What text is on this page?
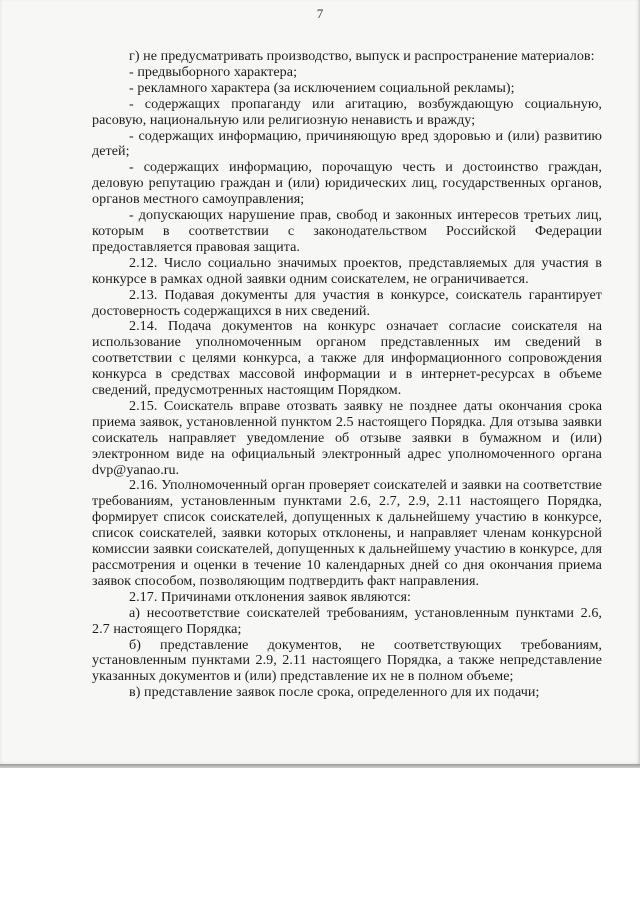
7

г) не предусматривать производство, выпуск и распространение материалов:

- предвыборного характера;

- рекламного характера (за исключением социальной рекламы);

- содержащих пропаганду или агитацию, возбуждающую социальную, расовую, национальную или религиозную ненависть и вражду;

- содержащих информацию, причиняющую вред здоровью и (или) развитию детей;

- содержащих информацию, порочащую честь и достоинство граждан, деловую репутацию граждан и (или) юридических лиц, государственных органов, органов местного самоуправления;

- допускающих нарушение прав, свобод и законных интересов третьих лиц, которым в соответствии с законодательством Российской Федерации предоставляется правовая защита.

2.12. Число социально значимых проектов, представляемых для участия в конкурсе в рамках одной заявки одним соискателем, не ограничивается.

2.13. Подавая документы для участия в конкурсе, соискатель гарантирует достоверность содержащихся в них сведений.

2.14. Подача документов на конкурс означает согласие соискателя на использование уполномоченным органом представленных им сведений в соответствии с целями конкурса, а также для информационного сопровождения конкурса в средствах массовой информации и в интернет-ресурсах в объеме сведений, предусмотренных настоящим Порядком.

2.15. Соискатель вправе отозвать заявку не позднее даты окончания срока приема заявок, установленной пунктом 2.5 настоящего Порядка. Для отзыва заявки соискатель направляет уведомление об отзыве заявки в бумажном и (или) электронном виде на официальный электронный адрес уполномоченного органа dvp@yanao.ru.

2.16. Уполномоченный орган проверяет соискателей и заявки на соответствие требованиям, установленным пунктами 2.6, 2.7, 2.9, 2.11 настоящего Порядка, формирует список соискателей, допущенных к дальнейшему участию в конкурсе, список соискателей, заявки которых отклонены, и направляет членам конкурсной комиссии заявки соискателей, допущенных к дальнейшему участию в конкурсе, для рассмотрения и оценки в течение 10 календарных дней со дня окончания приема заявок способом, позволяющим подтвердить факт направления.

2.17. Причинами отклонения заявок являются:

а) несоответствие соискателей требованиям, установленным пунктами 2.6, 2.7 настоящего Порядка;

б) представление документов, не соответствующих требованиям, установленным пунктами 2.9, 2.11 настоящего Порядка, а также непредставление указанных документов и (или) представление их не в полном объеме;

в) представление заявок после срока, определенного для их подачи;
